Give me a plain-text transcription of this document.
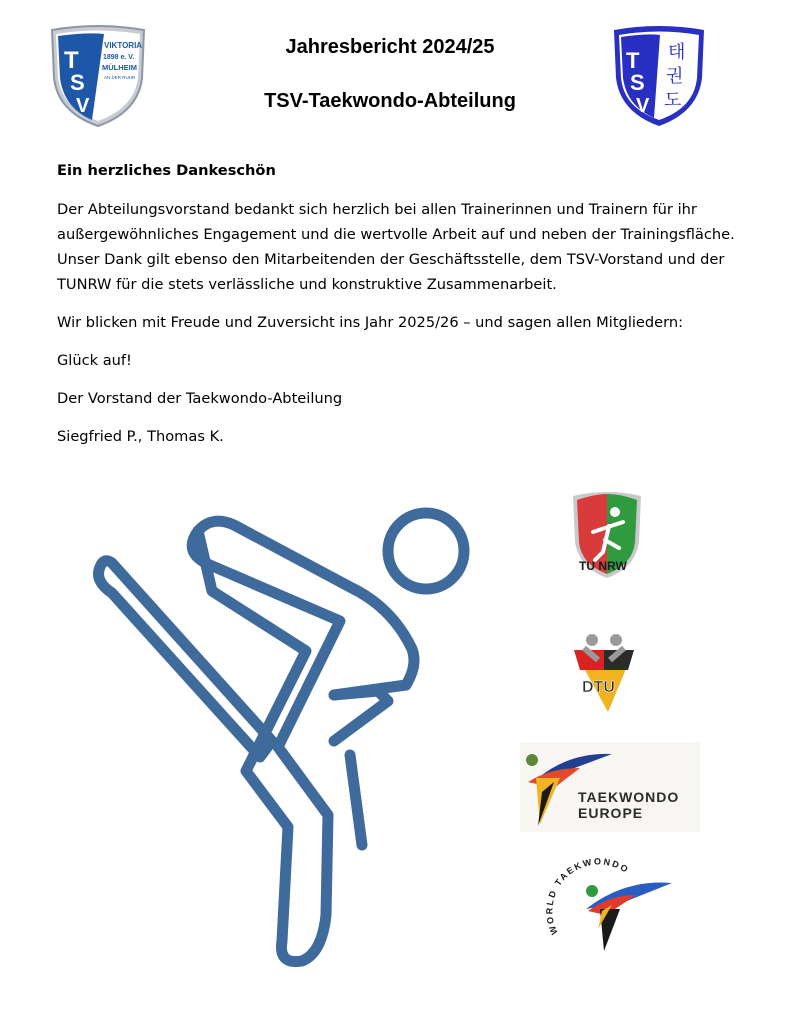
T
S
V
VIKTORIA
1898 e. V.
MÜLHEIM
AN DER RUHR
Jahresbericht 2024/25
TSV-Taekwondo-Abteilung
T
S
V
태
권
도

Ein herzliches Dankeschön

Der Abteilungsvorstand bedankt sich herzlich bei allen Trainerinnen und Trainern für ihr außergewöhnliches Engagement und die wertvolle Arbeit auf und neben der Trainingsfläche. Unser Dank gilt ebenso den Mitarbeitenden der Geschäftsstelle, dem TSV-Vorstand und der TUNRW für die stets verlässliche und konstruktive Zusammenarbeit.

Wir blicken mit Freude und Zuversicht ins Jahr 2025/26 – und sagen allen Mitgliedern:

Glück auf!

Der Vorstand der Taekwondo-Abteilung

Siegfried P., Thomas K.

TU NRW
DTU
TAEKWONDO
EUROPE
WORLD TAEKWONDO
